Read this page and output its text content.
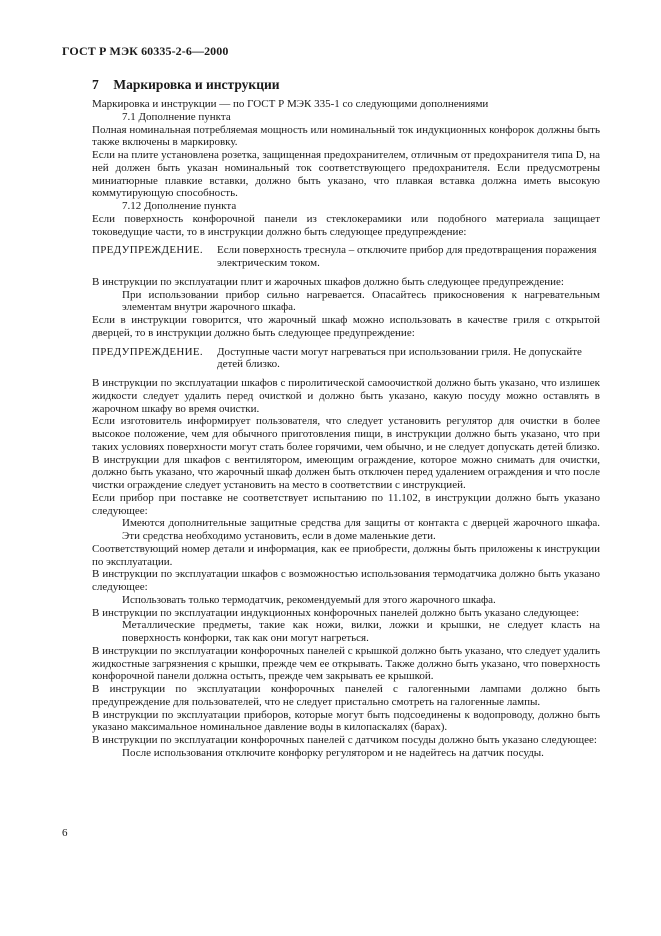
ГОСТ Р МЭК 60335-2-6—2000
7 Маркировка и инструкции

Маркировка и инструкции — по ГОСТ Р МЭК 335-1 со следующими дополнениями

7.1 Дополнение пункта

Полная номинальная потребляемая мощность или номинальный ток индукционных конфорок должны быть также включены в маркировку.

Если на плите установлена розетка, защищенная предохранителем, отличным от предохранителя типа D, на ней должен быть указан номинальный ток соответствующего предохранителя. Если предусмотрены миниатюрные плавкие вставки, должно быть указано, что плавкая вставка должна иметь высокую коммутирующую способность.

7.12 Дополнение пункта

Если поверхность конфорочной панели из стеклокерамики или подобного материала защищает токоведущие части, то в инструкции должно быть следующее предупреждение:

ПРЕДУПРЕЖДЕНИЕ.	Если поверхность треснула – отключите прибор для предотвращения поражения электрическим током.

В инструкции по эксплуатации плит и жарочных шкафов должно быть следующее предупреждение:

При использовании прибор сильно нагревается. Опасайтесь прикосновения к нагревательным элементам внутри жарочного шкафа.

Если в инструкции говорится, что жарочный шкаф можно использовать в качестве гриля с открытой дверцей, то в инструкции должно быть следующее предупреждение:

ПРЕДУПРЕЖДЕНИЕ.	Доступные части могут нагреваться при использовании гриля. Не допускайте детей близко.

В инструкции по эксплуатации шкафов с пиролитической самоочисткой должно быть указано, что излишек жидкости следует удалить перед очисткой и должно быть указано, какую посуду можно оставлять в жарочном шкафу во время очистки.

Если изготовитель информирует пользователя, что следует установить регулятор для очистки в более высокое положение, чем для обычного приготовления пищи, в инструкции должно быть указано, что при таких условиях поверхности могут стать более горячими, чем обычно, и не следует допускать детей близко.

В инструкции для шкафов с вентилятором, имеющим ограждение, которое можно снимать для очистки, должно быть указано, что жарочный шкаф должен быть отключен перед удалением ограждения и что после чистки ограждение следует установить на место в соответствии с инструкцией.

Если прибор при поставке не соответствует испытанию по 11.102, в инструкции должно быть указано следующее:

Имеются дополнительные защитные средства для защиты от контакта с дверцей жарочного шкафа. Эти средства необходимо установить, если в доме маленькие дети.

Соответствующий номер детали и информация, как ее приобрести, должны быть приложены к инструкции по эксплуатации.

В инструкции по эксплуатации шкафов с возможностью использования термодатчика должно быть указано следующее:

Использовать только термодатчик, рекомендуемый для этого жарочного шкафа.

В инструкции по эксплуатации индукционных конфорочных панелей должно быть указано следующее:

Металлические предметы, такие как ножи, вилки, ложки и крышки, не следует класть на поверхность конфорки, так как они могут нагреться.

В инструкции по эксплуатации конфорочных панелей с крышкой должно быть указано, что следует удалить жидкостные загрязнения с крышки, прежде чем ее открывать. Также должно быть указано, что поверхность конфорочной панели должна остыть, прежде чем закрывать ее крышкой.

В инструкции по эксплуатации конфорочных панелей с галогенными лампами должно быть предупреждение для пользователей, что не следует пристально смотреть на галогенные лампы.

В инструкции по эксплуатации приборов, которые могут быть подсоединены к водопроводу, должно быть указано максимальное номинальное давление воды в килопаскалях (барах).

В инструкции по эксплуатации конфорочных панелей с датчиком посуды должно быть указано следующее:

После использования отключите конфорку регулятором и не надейтесь на датчик посуды.

6
